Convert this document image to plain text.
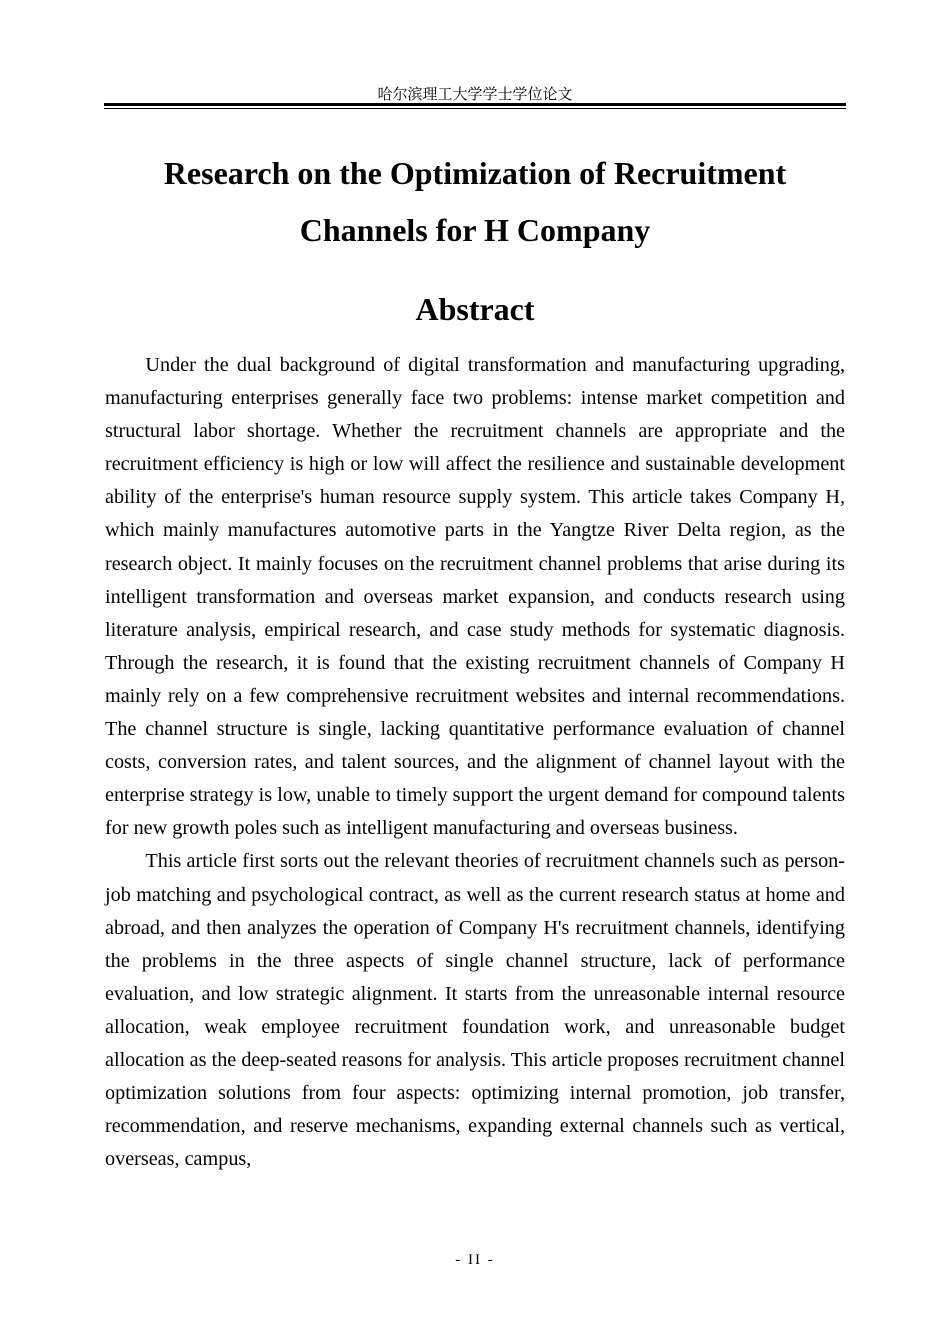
哈尔滨理工大学学士学位论文
Research on the Optimization of Recruitment
Channels for H Company
Abstract

Under the dual background of digital transformation and manufacturing upgrading, manufacturing enterprises generally face two problems: intense market competition and structural labor shortage. Whether the recruitment channels are appropriate and the recruitment efficiency is high or low will affect the resilience and sustainable development ability of the enterprise's human resource supply system. This article takes Company H, which mainly manufactures automotive parts in the Yangtze River Delta region, as the research object. It mainly focuses on the recruitment channel problems that arise during its intelligent transformation and overseas market expansion, and conducts research using literature analysis, empirical research, and case study methods for systematic diagnosis. Through the research, it is found that the existing recruitment channels of Company H mainly rely on a few comprehensive recruitment websites and internal recommendations. The channel structure is single, lacking quantitative performance evaluation of channel costs, conversion rates, and talent sources, and the alignment of channel layout with the enterprise strategy is low, unable to timely support the urgent demand for compound talents for new growth poles such as intelligent manufacturing and overseas business.

This article first sorts out the relevant theories of recruitment channels such as person-job matching and psychological contract, as well as the current research status at home and abroad, and then analyzes the operation of Company H's recruitment channels, identifying the problems in the three aspects of single channel structure, lack of performance evaluation, and low strategic alignment. It starts from the unreasonable internal resource allocation, weak employee recruitment foundation work, and unreasonable budget allocation as the deep-seated reasons for analysis. This article proposes recruitment channel optimization solutions from four aspects: optimizing internal promotion, job transfer, recommendation, and reserve mechanisms, expanding external channels such as vertical, overseas, campus,

- II -
